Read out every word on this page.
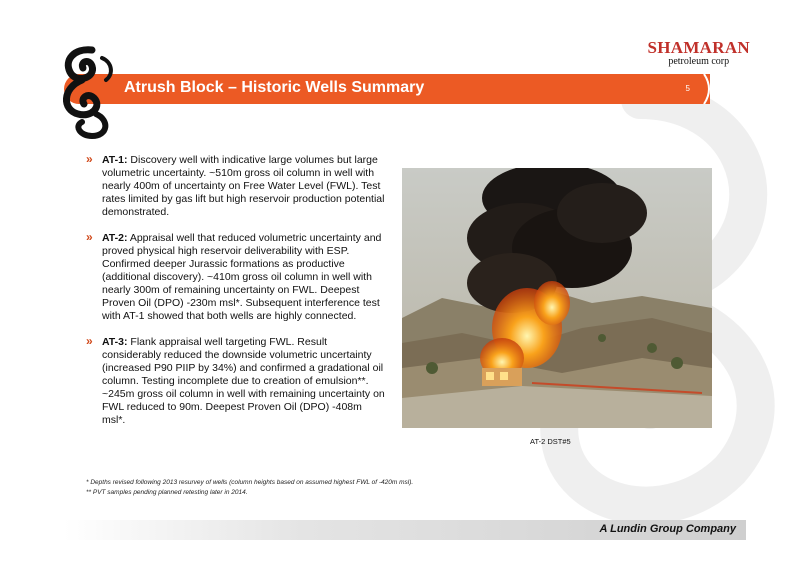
Atrush Block – Historic Wells Summary	5
SHAMARAN
petroleum corp
» AT-1: Discovery well with indicative large volumes but large volumetric uncertainty. ~510m gross oil column in well with nearly 400m of uncertainty on Free Water Level (FWL). Test rates limited by gas lift but high reservoir production potential demonstrated.
» AT-2: Appraisal well that reduced volumetric uncertainty and proved physical high reservoir deliverability with ESP. Confirmed deeper Jurassic formations as productive (additional discovery). ~410m gross oil column in well with nearly 300m of remaining uncertainty on FWL. Deepest Proven Oil (DPO) -230m msl*. Subsequent interference test with AT-1 showed that both wells are highly connected.
» AT-3: Flank appraisal well targeting FWL. Result considerably reduced the downside volumetric uncertainty (increased P90 PIIP by 34%) and confirmed a gradational oil column. Testing incomplete due to creation of emulsion**. ~245m gross oil column in well with remaining uncertainty on FWL reduced to 90m. Deepest Proven Oil (DPO) -408m msl*.
AT-2 DST#5
* Depths revised following 2013 resurvey of wells (column heights based on assumed highest FWL of -420m msl).
** PVT samples pending planned retesting later in 2014.
A Lundin Group Company
